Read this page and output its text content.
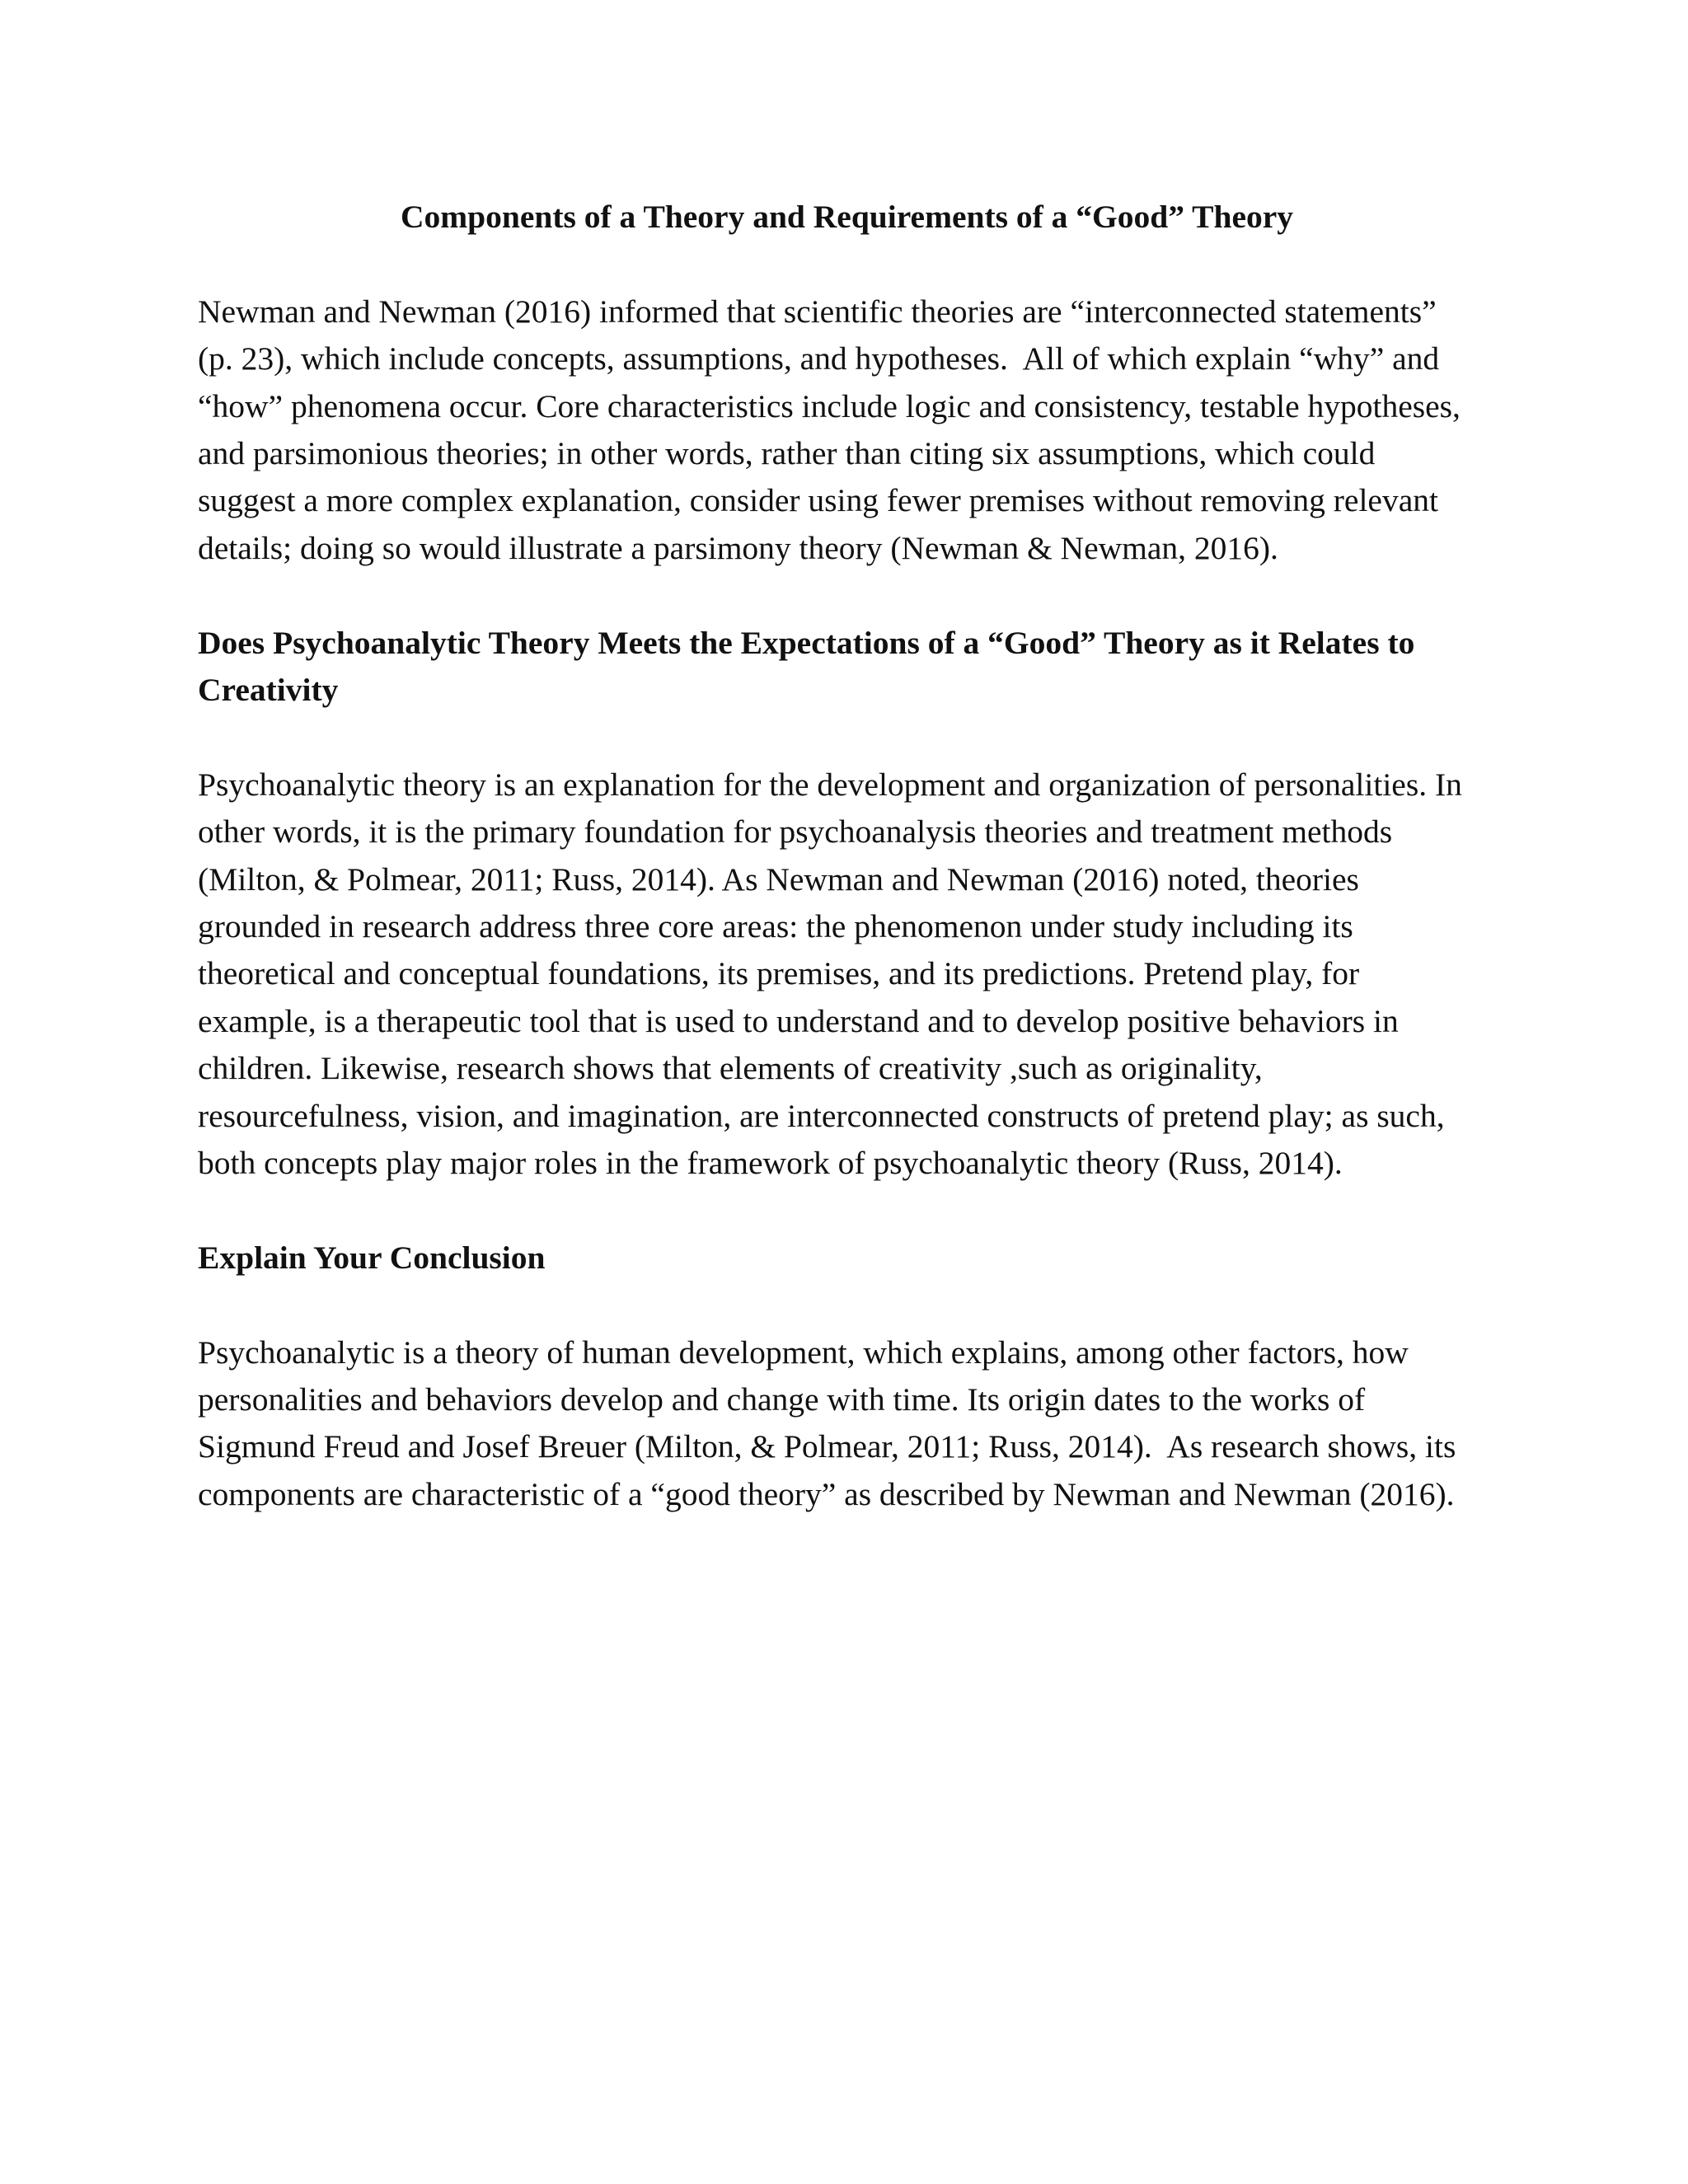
Components of a Theory and Requirements of a “Good” Theory

Newman and Newman (2016) informed that scientific theories are “interconnected statements”
(p. 23), which include concepts, assumptions, and hypotheses.  All of which explain “why” and
“how” phenomena occur. Core characteristics include logic and consistency, testable hypotheses,
and parsimonious theories; in other words, rather than citing six assumptions, which could
suggest a more complex explanation, consider using fewer premises without removing relevant
details; doing so would illustrate a parsimony theory (Newman & Newman, 2016).

Does Psychoanalytic Theory Meets the Expectations of a “Good” Theory as it Relates to
Creativity

Psychoanalytic theory is an explanation for the development and organization of personalities. In
other words, it is the primary foundation for psychoanalysis theories and treatment methods
(Milton, & Polmear, 2011; Russ, 2014). As Newman and Newman (2016) noted, theories
grounded in research address three core areas: the phenomenon under study including its
theoretical and conceptual foundations, its premises, and its predictions. Pretend play, for
example, is a therapeutic tool that is used to understand and to develop positive behaviors in
children. Likewise, research shows that elements of creativity ,such as originality,
resourcefulness, vision, and imagination, are interconnected constructs of pretend play; as such,
both concepts play major roles in the framework of psychoanalytic theory (Russ, 2014).

Explain Your Conclusion

Psychoanalytic is a theory of human development, which explains, among other factors, how
personalities and behaviors develop and change with time. Its origin dates to the works of
Sigmund Freud and Josef Breuer (Milton, & Polmear, 2011; Russ, 2014).  As research shows, its
components are characteristic of a “good theory” as described by Newman and Newman (2016).
